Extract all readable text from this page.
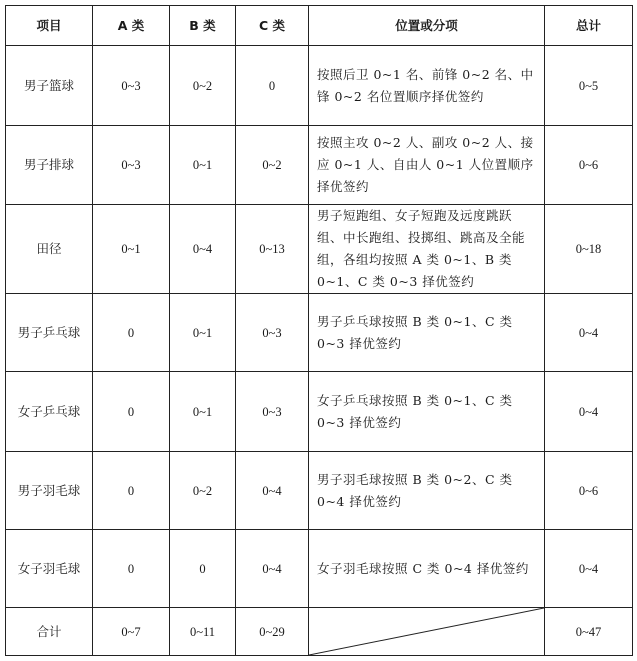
项目	A 类	B 类	C 类	位置或分项	总计
男子篮球	0~3	0~2	0	按照后卫 0~1 名、前锋 0~2 名、中锋 0~2 名位置顺序择优签约	0~5
男子排球	0~3	0~1	0~2	按照主攻 0~2 人、副攻 0~2 人、接应 0~1 人、自由人 0~1 人位置顺序择优签约	0~6
田径	0~1	0~4	0~13	男子短跑组、女子短跑及远度跳跃组、中长跑组、投掷组、跳高及全能组，各组均按照 A 类 0~1、B 类 0~1、C 类 0~3 择优签约	0~18
男子乒乓球	0	0~1	0~3	男子乒乓球按照 B 类 0~1、C 类 0~3 择优签约	0~4
女子乒乓球	0	0~1	0~3	女子乒乓球按照 B 类 0~1、C 类 0~3 择优签约	0~4
男子羽毛球	0	0~2	0~4	男子羽毛球按照 B 类 0~2、C 类 0~4 择优签约	0~6
女子羽毛球	0	0	0~4	女子羽毛球按照 C 类 0~4 择优签约	0~4
合计	0~7	0~11	0~29		0~47
